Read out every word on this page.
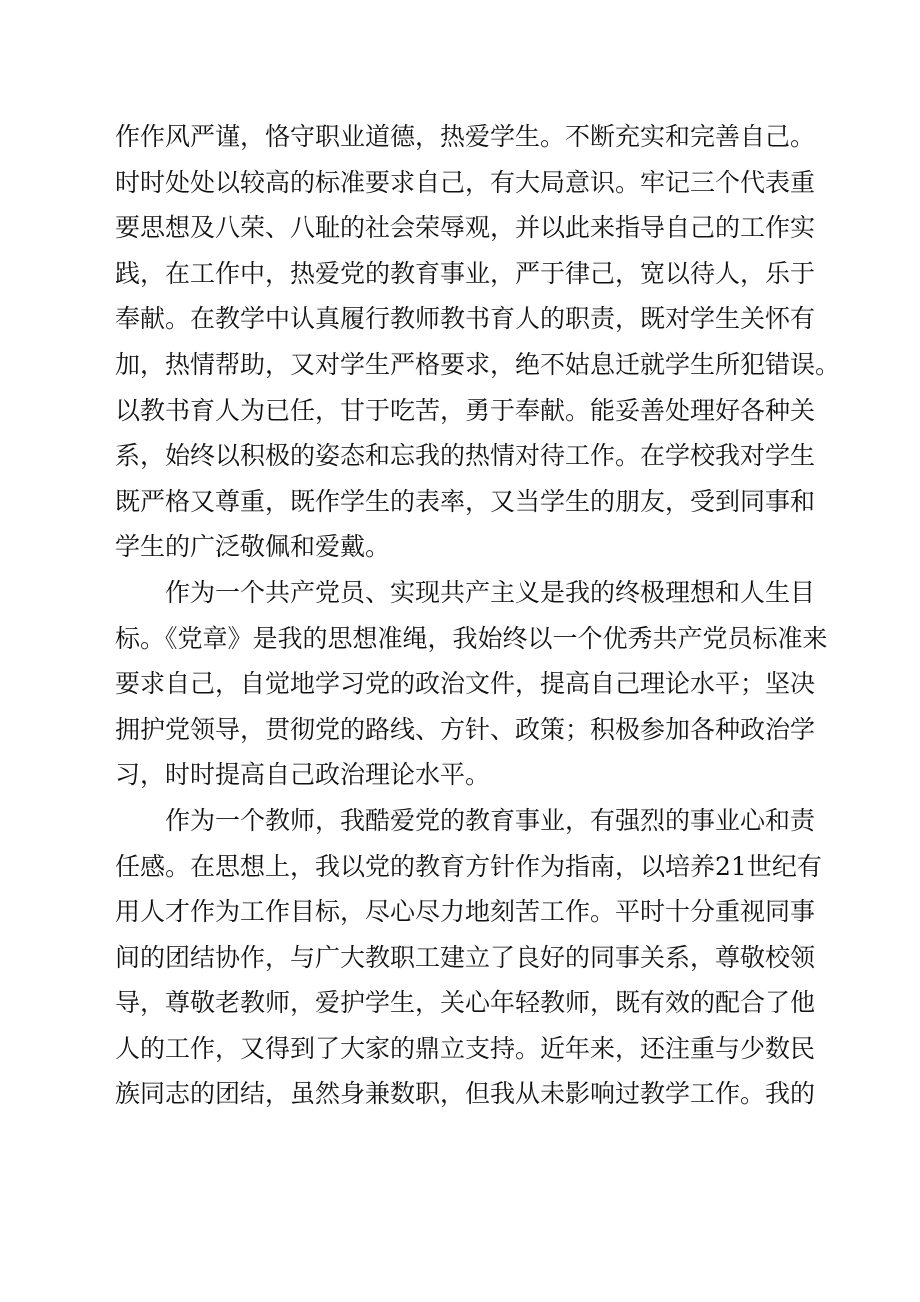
作作风严谨，恪守职业道德，热爱学生。不断充实和完善自己。
时时处处以较高的标准要求自己，有大局意识。牢记三个代表重
要思想及八荣、八耻的社会荣辱观，并以此来指导自己的工作实
践，在工作中，热爱党的教育事业，严于律己，宽以待人，乐于
奉献。在教学中认真履行教师教书育人的职责，既对学生关怀有
加，热情帮助，又对学生严格要求，绝不姑息迁就学生所犯错误。
以教书育人为已任，甘于吃苦，勇于奉献。能妥善处理好各种关
系，始终以积极的姿态和忘我的热情对待工作。在学校我对学生
既严格又尊重，既作学生的表率，又当学生的朋友，受到同事和
学生的广泛敬佩和爱戴。
作为一个共产党员、实现共产主义是我的终极理想和人生目
标。《党章》是我的思想准绳，我始终以一个优秀共产党员标准来
要求自己，自觉地学习党的政治文件，提高自己理论水平；坚决
拥护党领导，贯彻党的路线、方针、政策；积极参加各种政治学
习，时时提高自己政治理论水平。
作为一个教师，我酷爱党的教育事业，有强烈的事业心和责
任感。在思想上，我以党的教育方针作为指南，以培养21世纪有
用人才作为工作目标，尽心尽力地刻苦工作。平时十分重视同事
间的团结协作，与广大教职工建立了良好的同事关系，尊敬校领
导，尊敬老教师，爱护学生，关心年轻教师，既有效的配合了他
人的工作，又得到了大家的鼎立支持。近年来，还注重与少数民
族同志的团结，虽然身兼数职，但我从未影响过教学工作。我的
